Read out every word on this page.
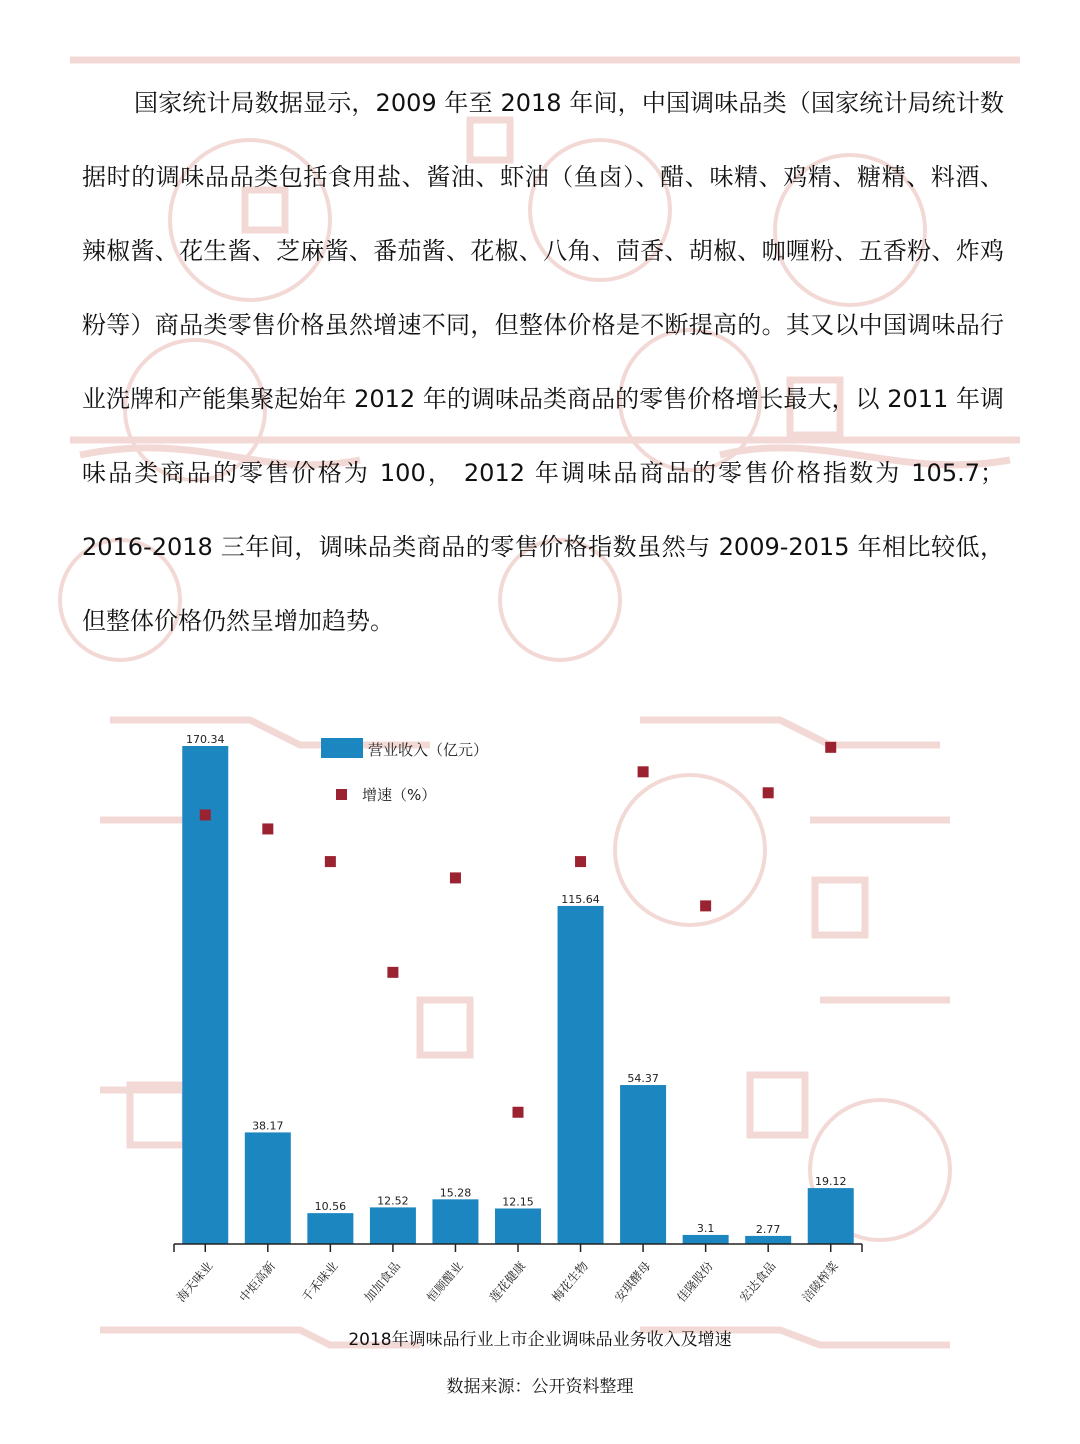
国家统计局数据显示，2009 年至 2018 年间，中国调味品类（国家统计局统计数据时的调味品品类包括食用盐、酱油、虾油（鱼卤）、醋、味精、鸡精、糖精、料酒、辣椒酱、花生酱、芝麻酱、番茄酱、花椒、八角、茴香、胡椒、咖喱粉、五香粉、炸鸡粉等）商品类零售价格虽然增速不同，但整体价格是不断提高的。其又以中国调味品行业洗牌和产能集聚起始年 2012 年的调味品类商品的零售价格增长最大，以 2011 年调味品类商品的零售价格为 100， 2012 年调味品商品的零售价格指数为 105.7；2016-2018 三年间，调味品类商品的零售价格指数虽然与 2009-2015 年相比较低，但整体价格仍然呈增加趋势。

170.34
38.17
10.56	12.52
15.28
12.15
115.64
54.37
3.1	2.77
19.12
海天味业 中炬高新 千禾味业 加加食品 恒顺醋业 莲花健康 梅花生物 安琪酵母 佳隆股份 宏达食品 涪陵榨菜
营业收入（亿元）
增速（%）
2018年调味品行业上市企业调味品业务收入及增速
数据来源：公开资料整理
